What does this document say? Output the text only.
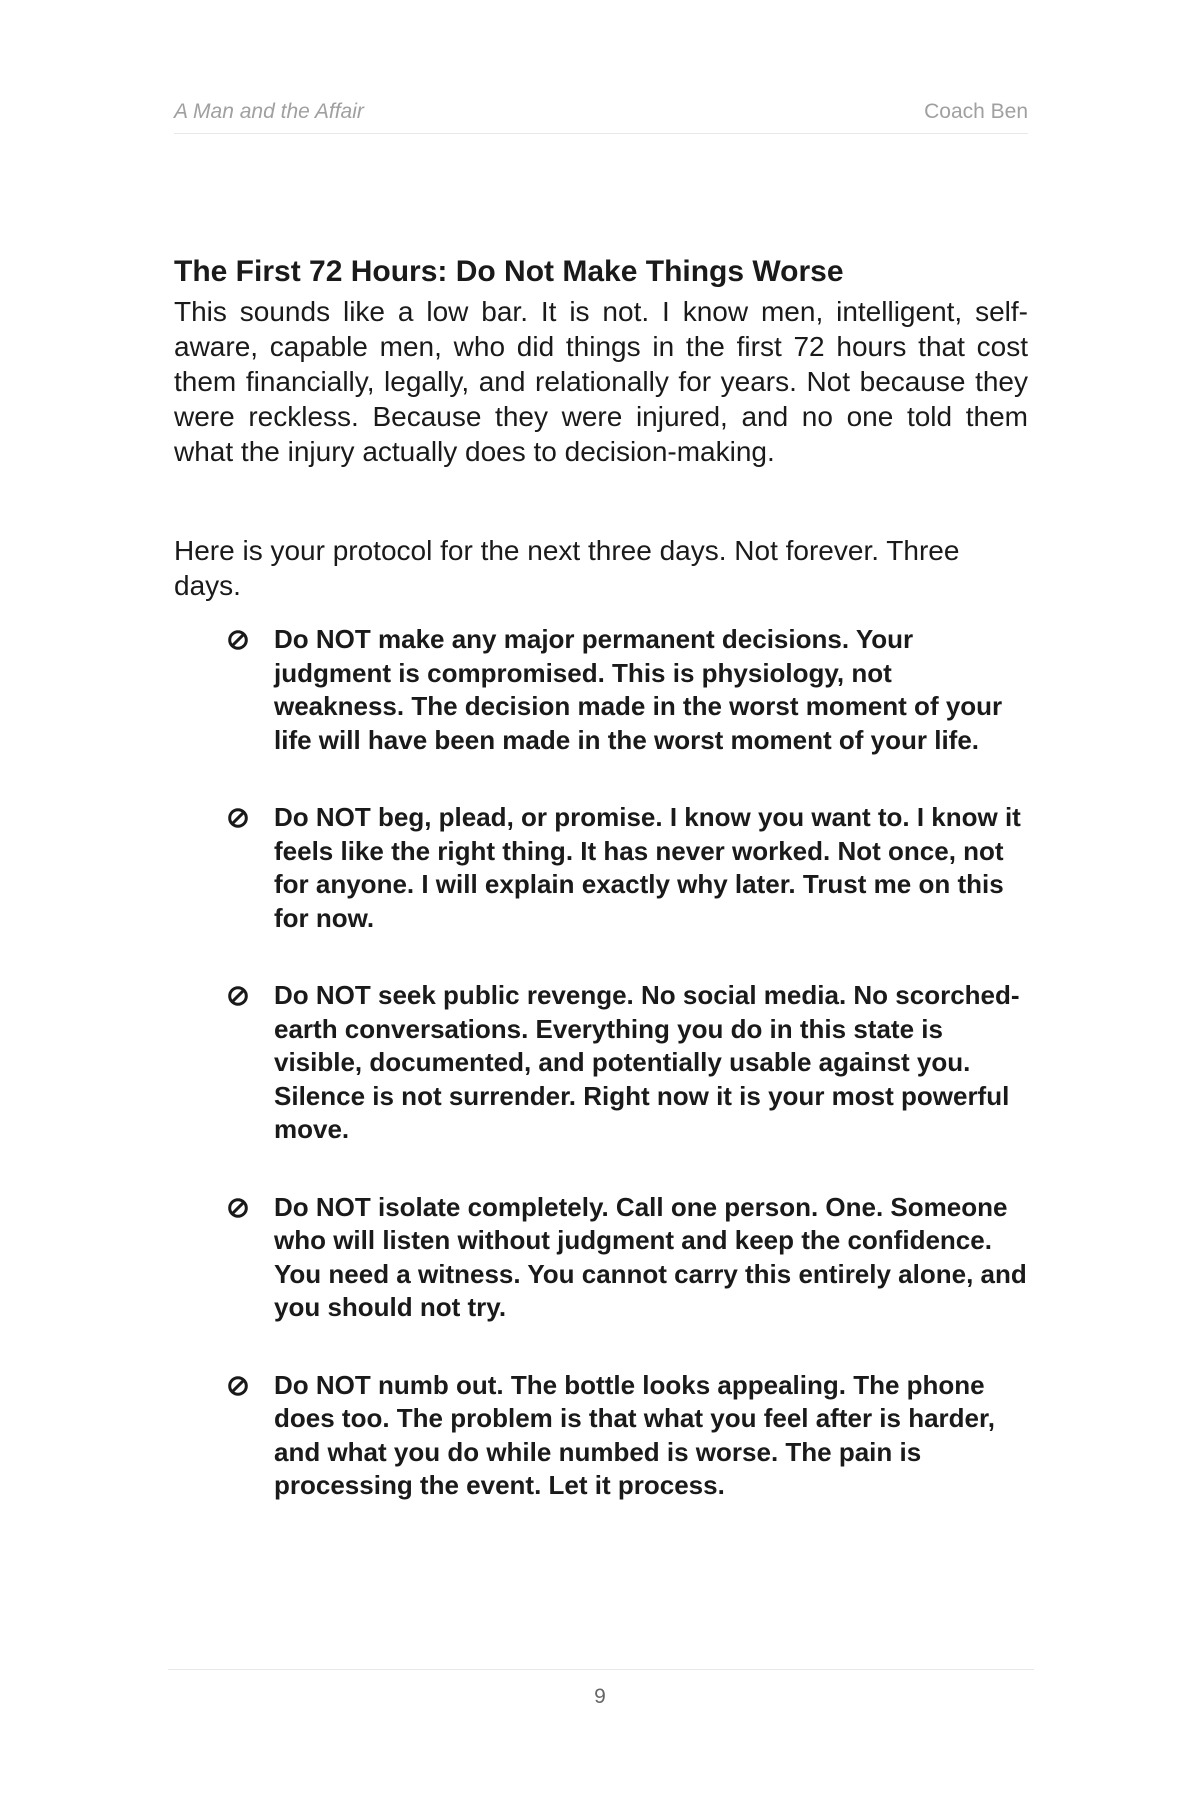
A Man and the Affair	Coach Ben
The First 72 Hours: Do Not Make Things Worse

This sounds like a low bar. It is not. I know men, intelligent, self-aware, capable men, who did things in the first 72 hours that cost them financially, legally, and relationally for years. Not because they were reckless. Because they were injured, and no one told them what the injury actually does to decision-making.

Here is your protocol for the next three days. Not forever. Three days.

Do NOT make any major permanent decisions. Your judgment is compromised. This is physiology, not weakness. The decision made in the worst moment of your life will have been made in the worst moment of your life.
Do NOT beg, plead, or promise. I know you want to. I know it feels like the right thing. It has never worked. Not once, not for anyone. I will explain exactly why later. Trust me on this for now.
Do NOT seek public revenge. No social media. No scorched-earth conversations. Everything you do in this state is visible, documented, and potentially usable against you. Silence is not surrender. Right now it is your most powerful move.
Do NOT isolate completely. Call one person. One. Someone who will listen without judgment and keep the confidence. You need a witness. You cannot carry this entirely alone, and you should not try.
Do NOT numb out. The bottle looks appealing. The phone does too. The problem is that what you feel after is harder, and what you do while numbed is worse. The pain is processing the event. Let it process.
9
